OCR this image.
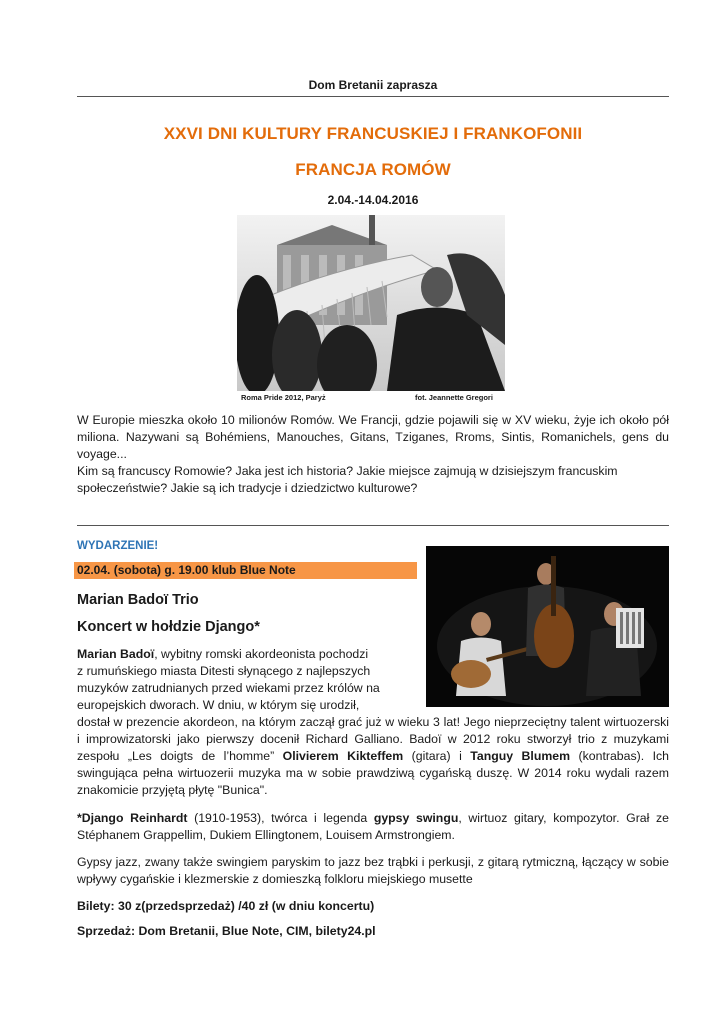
Dom Bretanii zaprasza
XXVI DNI KULTURY FRANCUSKIEJ I FRANKOFONII
FRANCJA ROMÓW
2.04.-14.04.2016
Roma Pride 2012, Paryż	fot. Jeannette Gregori

W Europie mieszka około 10 milionów Romów. We Francji, gdzie pojawili się w XV wieku, żyje ich około pół miliona. Nazywani są Bohémiens, Manouches, Gitans, Tziganes, Rroms, Sintis, Romanichels, gens du voyage...

Kim są francuscy Romowie? Jaka jest ich historia? Jakie miejsce zajmują w dzisiejszym francuskim społeczeństwie? Jakie są ich tradycje i dziedzictwo kulturowe?

WYDARZENIE!
02.04. (sobota) g. 19.00 klub Blue Note
Marian Badoï Trio
Koncert w hołdzie Django*

Marian Badoï, wybitny romski akordeonista pochodzi

z rumuńskiego miasta Ditesti słynącego z najlepszych

muzyków zatrudnianych przed wiekami przez królów na

europejskich dworach. W dniu, w którym się urodził,

dostał w prezencie akordeon, na którym zaczął grać już w wieku 3 lat! Jego nieprzeciętny talent wirtuozerski i improwizatorski jako pierwszy docenił Richard Galliano. Badoï w 2012 roku stworzył trio z muzykami zespołu „Les doigts de l’homme” Olivierem Kikteffem (gitara) i Tanguy Blumem (kontrabas). Ich swingująca pełna wirtuozerii muzyka ma w sobie prawdziwą cygańską duszę. W 2014 roku wydali razem znakomicie przyjętą płytę "Bunica".
*Django Reinhardt (1910-1953), twórca i legenda gypsy swingu, wirtuoz gitary, kompozytor. Grał ze Stéphanem Grappellim, Dukiem Ellingtonem, Louisem Armstrongiem.
Gypsy jazz, zwany także swingiem paryskim to jazz bez trąbki i perkusji, z gitarą rytmiczną, łączący w sobie wpływy cygańskie i klezmerskie z domieszką folkloru miejskiego musette
Bilety: 30 z(przedsprzedaż) /40 zł (w dniu koncertu)
Sprzedaż: Dom Bretanii, Blue Note, CIM, bilety24.pl
